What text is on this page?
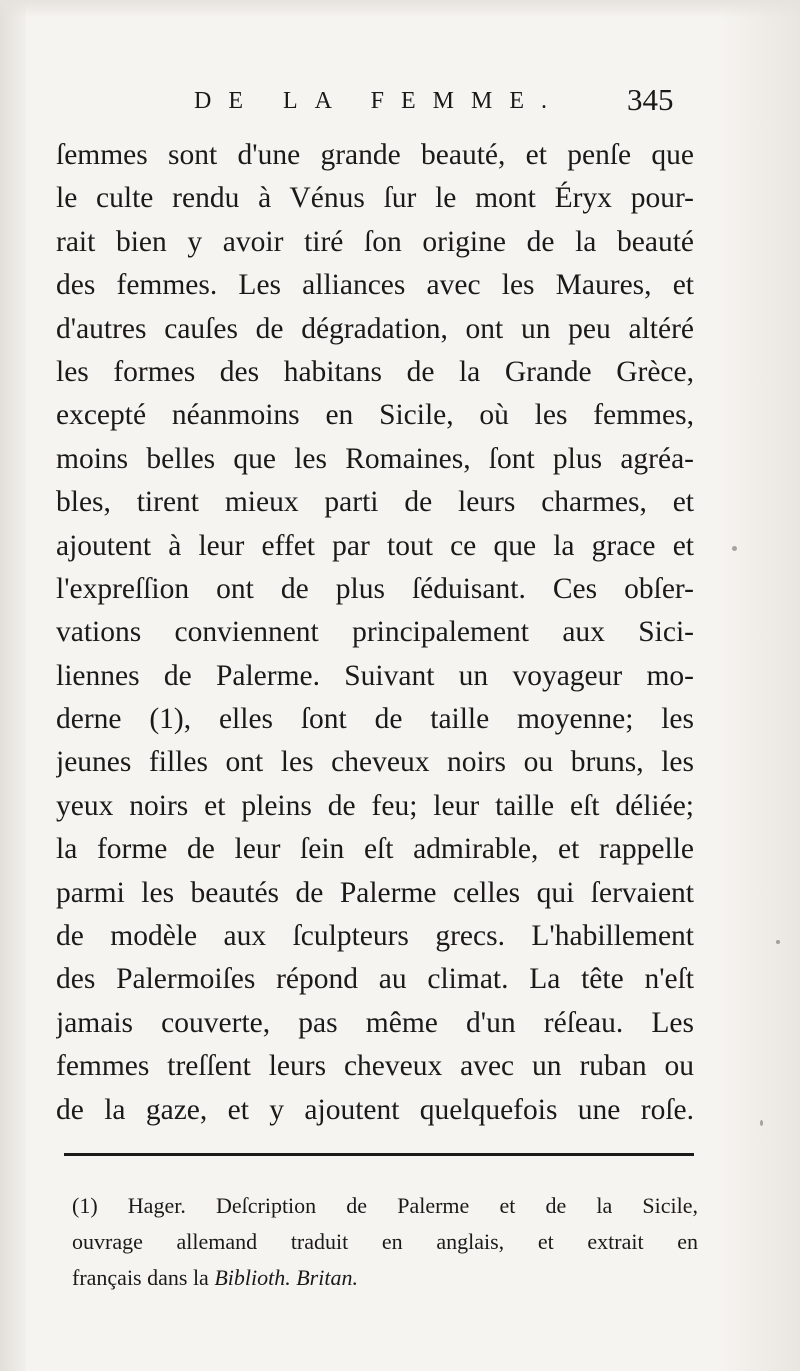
DE LA FEMME. 345
ſemmes sont d'une grande beauté, et penſe que
le culte rendu à Vénus ſur le mont Éryx pour-
rait bien y avoir tiré ſon origine de la beauté
des femmes. Les alliances avec les Maures, et
d'autres cauſes de dégradation, ont un peu altéré
les formes des habitans de la Grande Grèce,
excepté néanmoins en Sicile, où les femmes,
moins belles que les Romaines, ſont plus agréa-
bles, tirent mieux parti de leurs charmes, et
ajoutent à leur effet par tout ce que la grace et
l'expreſſion ont de plus ſéduisant. Ces obſer-
vations conviennent principalement aux Sici-
liennes de Palerme. Suivant un voyageur mo-
derne (1), elles ſont de taille moyenne; les
jeunes filles ont les cheveux noirs ou bruns, les
yeux noirs et pleins de feu; leur taille eſt déliée;
la forme de leur ſein eſt admirable, et rappelle
parmi les beautés de Palerme celles qui ſervaient
de modèle aux ſculpteurs grecs. L'habillement
des Palermoiſes répond au climat. La tête n'eſt
jamais couverte, pas même d'un réſeau. Les
femmes treſſent leurs cheveux avec un ruban ou
de la gaze, et y ajoutent quelquefois une roſe.
(1) Hager. Deſcription de Palerme et de la Sicile,
ouvrage allemand traduit en anglais, et extrait en
français dans la Biblioth. Britan.
